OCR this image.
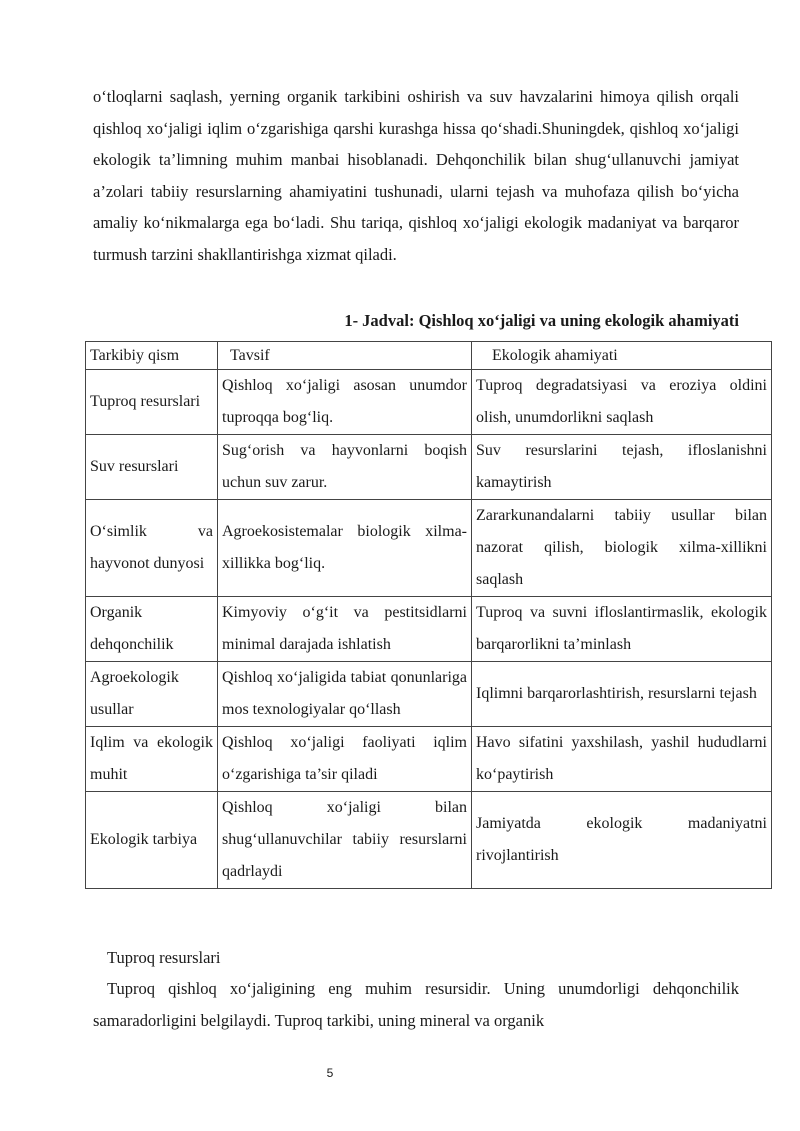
o‘tloqlarni saqlash, yerning organik tarkibini oshirish va suv havzalarini himoya qilish orqali qishloq xo‘jaligi iqlim o‘zgarishiga qarshi kurashga hissa qo‘shadi.Shuningdek, qishloq xo‘jaligi ekologik ta’limning muhim manbai hisoblanadi. Dehqonchilik bilan shug‘ullanuvchi jamiyat a’zolari tabiiy resurslarning ahamiyatini tushunadi, ularni tejash va muhofaza qilish bo‘yicha amaliy ko‘nikmalarga ega bo‘ladi. Shu tariqa, qishloq xo‘jaligi ekologik madaniyat va barqaror turmush tarzini shakllantirishga xizmat qiladi.

1- Jadval: Qishloq xo‘jaligi va uning ekologik ahamiyati

Tarkibiy qism	Tavsif	Ekologik ahamiyati
Tuproq resurslari	Qishloq xo‘jaligi asosan unumdor tuproqqa bog‘liq.	Tuproq degradatsiyasi va eroziya oldini olish, unumdorlikni saqlash
Suv resurslari	Sug‘orish va hayvonlarni boqish uchun suv zarur.	Suv resurslarini tejash, ifloslanishni kamaytirish
O‘simlik va hayvonot dunyosi	Agroekosistemalar biologik xilma-xillikka bog‘liq.	Zararkunandalarni tabiiy usullar bilan nazorat qilish, biologik xilma-xillikni saqlash
Organik dehqonchilik	Kimyoviy o‘g‘it va pestitsidlarni minimal darajada ishlatish	Tuproq va suvni ifloslantirmaslik, ekologik barqarorlikni ta’minlash
Agroekologik usullar	Qishloq xo‘jaligida tabiat qonunlariga mos texnologiyalar qo‘llash	Iqlimni barqarorlashtirish, resurslarni tejash
Iqlim va ekologik muhit	Qishloq xo‘jaligi faoliyati iqlim o‘zgarishiga ta’sir qiladi	Havo sifatini yaxshilash, yashil hududlarni ko‘paytirish
Ekologik tarbiya	Qishloq xo‘jaligi bilan shug‘ullanuvchilar tabiiy resurslarni qadrlaydi	Jamiyatda ekologik madaniyatni rivojlantirish

Tuproq resurslari

Tuproq qishloq xo‘jaligining eng muhim resursidir. Uning unumdorligi dehqonchilik samaradorligini belgilaydi. Tuproq tarkibi, uning mineral va organik

5
